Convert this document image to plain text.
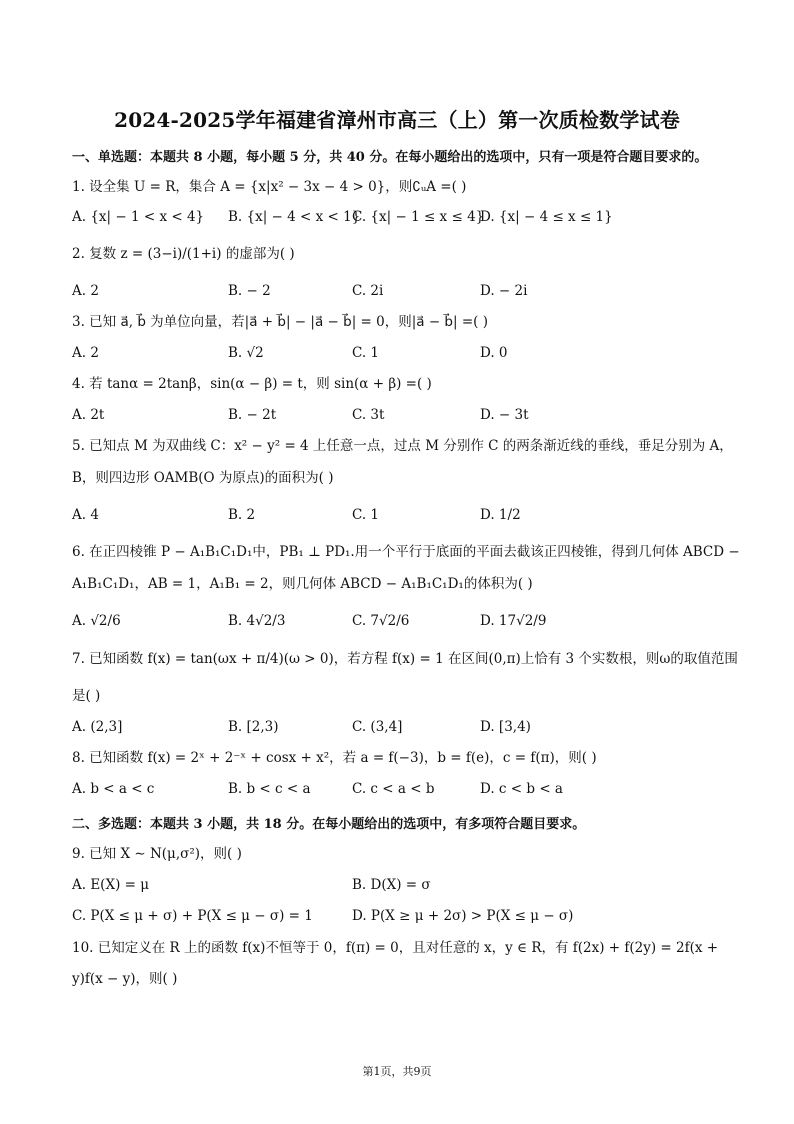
2024-2025学年福建省漳州市高三（上）第一次质检数学试卷
一、单选题：本题共 8 小题，每小题 5 分，共 40 分。在每小题给出的选项中，只有一项是符合题目要求的。
1. 设全集 U = R，集合 A = {x|x² − 3x − 4 > 0}，则∁ᵤA =( )
A. {x| − 1 < x < 4} B. {x| − 4 < x < 1}
C. {x| − 1 ≤ x ≤ 4}
D. {x| − 4 ≤ x ≤ 1}
2. 复数 z = (3−i)/(1+i) 的虚部为( )
A. 2	B. − 2	C. 2i	D. − 2i
3. 已知 a⃗, b⃗ 为单位向量，若|a⃗ + b⃗| − |a⃗ − b⃗| = 0，则|a⃗ − b⃗| =( )
A. 2	B. √2	C. 1	D. 0
4. 若 tanα = 2tanβ，sin(α − β) = t，则 sin(α + β) =( )
A. 2t	B. − 2t	C. 3t	D. − 3t
5. 已知点 M 为双曲线 C：x² − y² = 4 上任意一点，过点 M 分别作 C 的两条渐近线的垂线，垂足分别为 A，
B，则四边形 OAMB(O 为原点)的面积为( )
A. 4	B. 2	C. 1	D. 1/2
6. 在正四棱锥 P − A₁B₁C₁D₁中，PB₁ ⊥ PD₁.用一个平行于底面的平面去截该正四棱锥，得到几何体 ABCD −
A₁B₁C₁D₁，AB = 1，A₁B₁ = 2，则几何体 ABCD − A₁B₁C₁D₁的体积为( )
A. √2/6	B. 4√2/3	C. 7√2/6	D. 17√2/9
7. 已知函数 f(x) = tan(ωx + π/4)(ω > 0)，若方程 f(x) = 1 在区间(0,π)上恰有 3 个实数根，则ω的取值范围
是( )
A. (2,3]	B. [2,3)	C. (3,4]	D. [3,4)
8. 已知函数 f(x) = 2ˣ + 2⁻ˣ + cosx + x²，若 a = f(−3)，b = f(e)，c = f(π)，则( )
A. b < a < c	B. b < c < a	C. c < a < b	D. c < b < a
二、多选题：本题共 3 小题，共 18 分。在每小题给出的选项中，有多项符合题目要求。
9. 已知 X ∼ N(μ,σ²)，则( )
A. E(X) = μ	B. D(X) = σ
C. P(X ≤ μ + σ) + P(X ≤ μ − σ) = 1	D. P(X ≥ μ + 2σ) > P(X ≤ μ − σ)
10. 已知定义在 R 上的函数 f(x)不恒等于 0，f(π) = 0，且对任意的 x，y ∈ R，有 f(2x) + f(2y) = 2f(x +
y)f(x − y)，则( )
第1页，共9页
